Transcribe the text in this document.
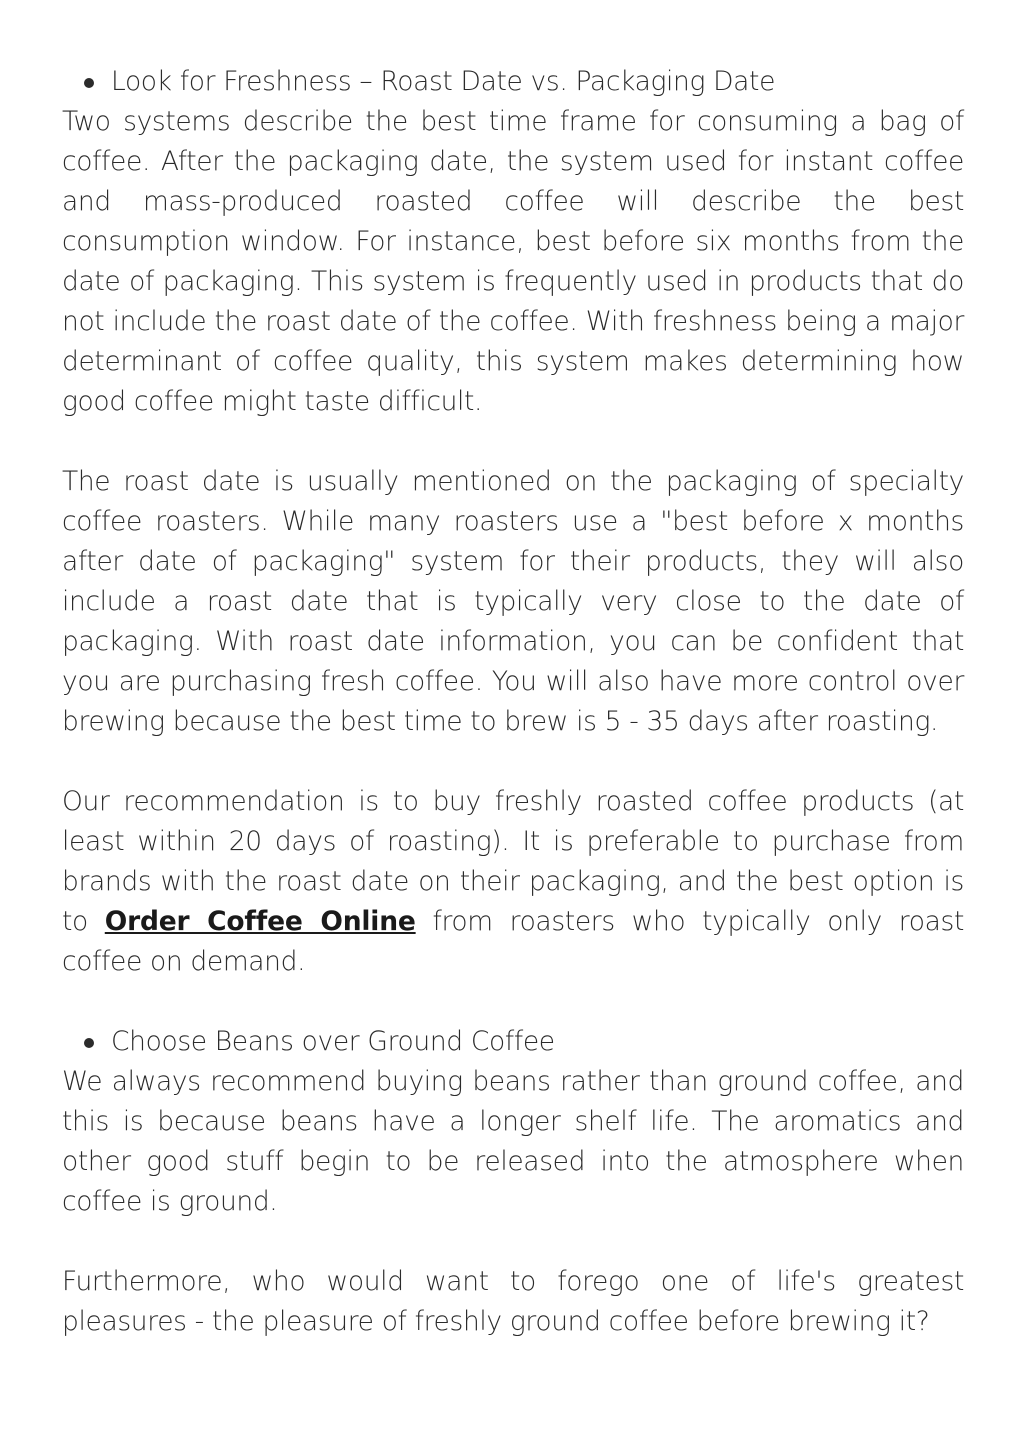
Look for Freshness – Roast Date vs. Packaging Date

Two systems describe the best time frame for consuming a bag of coffee. After the packaging date, the system used for instant coffee and mass-produced roasted coffee will describe the best consumption window. For instance, best before six months from the date of packaging. This system is frequently used in products that do not include the roast date of the coffee. With freshness being a major determinant of coffee quality, this system makes determining how good coffee might taste difficult.

The roast date is usually mentioned on the packaging of specialty coffee roasters. While many roasters use a "best before x months after date of packaging" system for their products, they will also include a roast date that is typically very close to the date of packaging. With roast date information, you can be confident that you are purchasing fresh coffee. You will also have more control over brewing because the best time to brew is 5 - 35 days after roasting.

Our recommendation is to buy freshly roasted coffee products (at least within 20 days of roasting). It is preferable to purchase from brands with the roast date on their packaging, and the best option is to Order Coffee Online from roasters who typically only roast coffee on demand.

Choose Beans over Ground Coffee

We always recommend buying beans rather than ground coffee, and this is because beans have a longer shelf life. The aromatics and other good stuff begin to be released into the atmosphere when coffee is ground.

Furthermore, who would want to forego one of life's greatest pleasures - the pleasure of freshly ground coffee before brewing it?
